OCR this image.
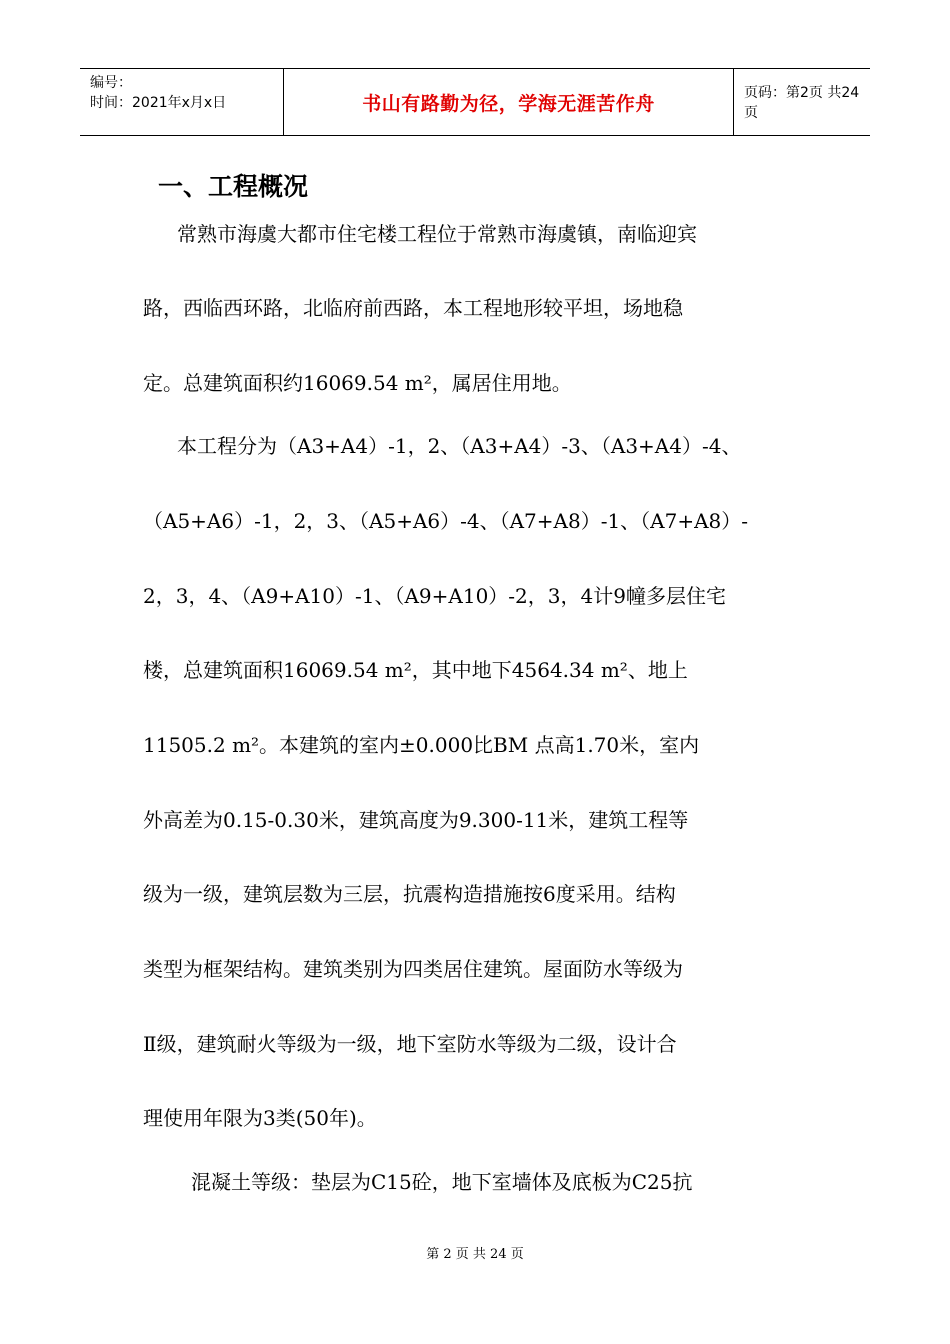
编号：
时间：2021年x月x日	书山有路勤为径，学海无涯苦作舟	页码：第2页 共24页
一、工程概况

常熟市海虞大都市住宅楼工程位于常熟市海虞镇，南临迎宾

路，西临西环路，北临府前西路，本工程地形较平坦，场地稳

定。总建筑面积约16069.54 m²，属居住用地。

本工程分为（A3+A4）-1，2、（A3+A4）-3、（A3+A4）-4、

（A5+A6）-1，2，3、（A5+A6）-4、（A7+A8）-1、（A7+A8）-

2，3，4、（A9+A10）-1、（A9+A10）-2，3，4计9幢多层住宅

楼，总建筑面积16069.54 m²，其中地下4564.34 m²、地上

11505.2 m²。本建筑的室内±0.000比BM 点高1.70米，室内

外高差为0.15-0.30米，建筑高度为9.300-11米，建筑工程等

级为一级，建筑层数为三层，抗震构造措施按6度采用。结构

类型为框架结构。建筑类别为四类居住建筑。屋面防水等级为

Ⅱ级，建筑耐火等级为一级，地下室防水等级为二级，设计合

理使用年限为3类(50年)。

混凝土等级：垫层为C15砼，地下室墙体及底板为C25抗

第 2 页 共 24 页
